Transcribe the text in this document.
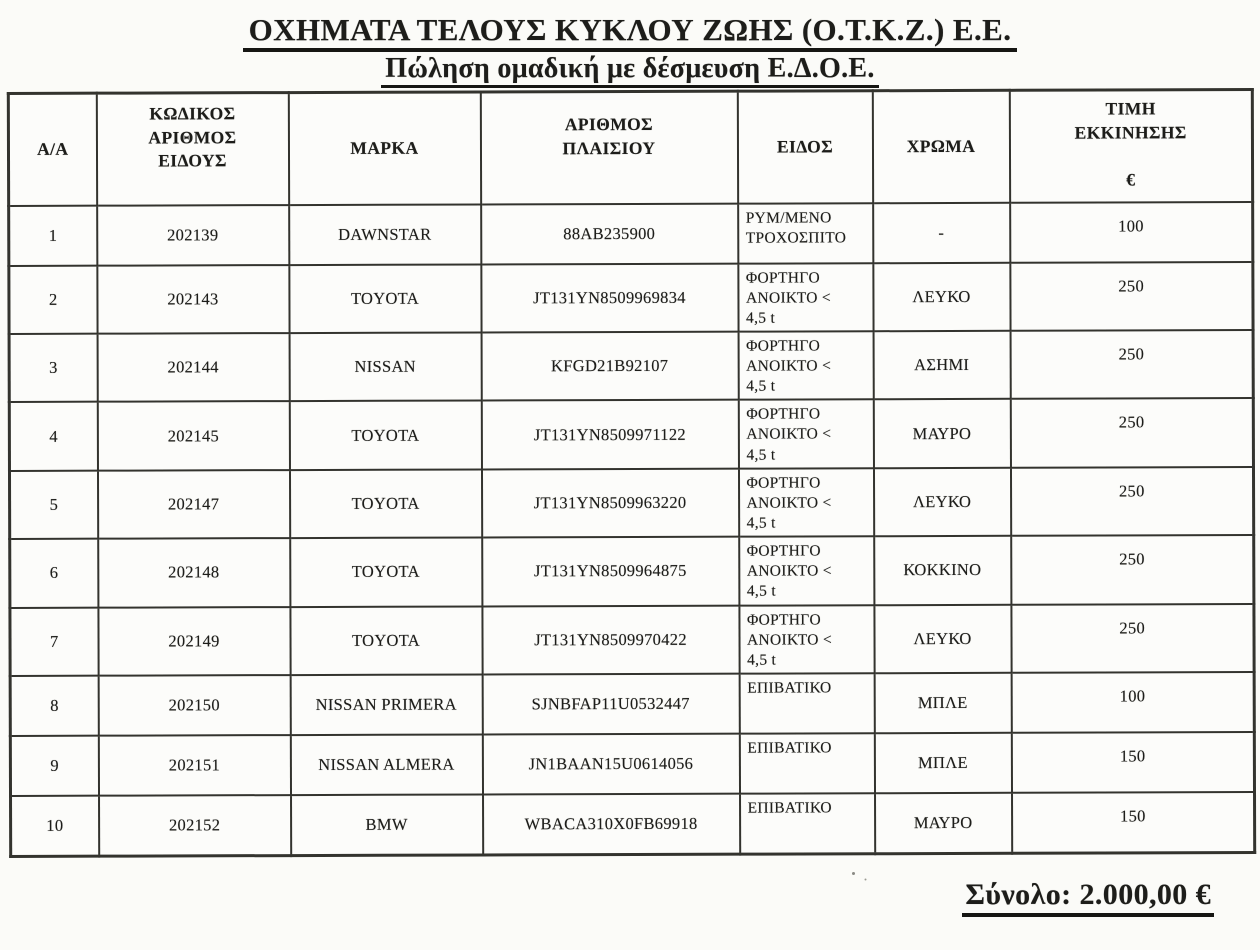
ΟΧΗΜΑΤΑ ΤΕΛΟΥΣ ΚΥΚΛΟΥ ΖΩΗΣ (Ο.Τ.Κ.Ζ.) Ε.Ε.
Πώληση ομαδική με δέσμευση Ε.Δ.Ο.Ε.
Α/Α	ΚΩΔΙΚΟΣ
ΑΡΙΘΜΟΣ
ΕΙΔΟΥΣ	ΜΑΡΚΑ	ΑΡΙΘΜΟΣ
ΠΛΑΙΣΙΟΥ	ΕΙΔΟΣ	ΧΡΩΜΑ	ΤΙΜΗ
ΕΚΚΙΝΗΣΗΣ

€
1	202139	DAWNSTAR	88AB235900	ΡΥΜ/ΜΕΝΟ
ΤΡΟΧΟΣΠΙΤΟ	-	100
2	202143	TOYOTA	JT131YN8509969834	ΦΟΡΤΗΓΟ
ΑΝΟΙΚΤΟ <
4,5 t	ΛΕΥΚΟ	250
3	202144	NISSAN	KFGD21B92107	ΦΟΡΤΗΓΟ
ΑΝΟΙΚΤΟ <
4,5 t	ΑΣΗΜΙ	250
4	202145	TOYOTA	JT131YN8509971122	ΦΟΡΤΗΓΟ
ΑΝΟΙΚΤΟ <
4,5 t	ΜΑΥΡΟ	250
5	202147	TOYOTA	JT131YN8509963220	ΦΟΡΤΗΓΟ
ΑΝΟΙΚΤΟ <
4,5 t	ΛΕΥΚΟ	250
6	202148	TOYOTA	JT131YN8509964875	ΦΟΡΤΗΓΟ
ΑΝΟΙΚΤΟ <
4,5 t	ΚΟΚΚΙΝΟ	250
7	202149	TOYOTA	JT131YN8509970422	ΦΟΡΤΗΓΟ
ΑΝΟΙΚΤΟ <
4,5 t	ΛΕΥΚΟ	250
8	202150	NISSAN PRIMERA	SJNBFAP11U0532447	ΕΠΙΒΑΤΙΚΟ	ΜΠΛΕ	100
9	202151	NISSAN ALMERA	JN1BAAN15U0614056	ΕΠΙΒΑΤΙΚΟ	ΜΠΛΕ	150
10	202152	BMW	WBACA310X0FB69918	ΕΠΙΒΑΤΙΚΟ	ΜΑΥΡΟ	150
Σύνολο: 2.000,00 €
